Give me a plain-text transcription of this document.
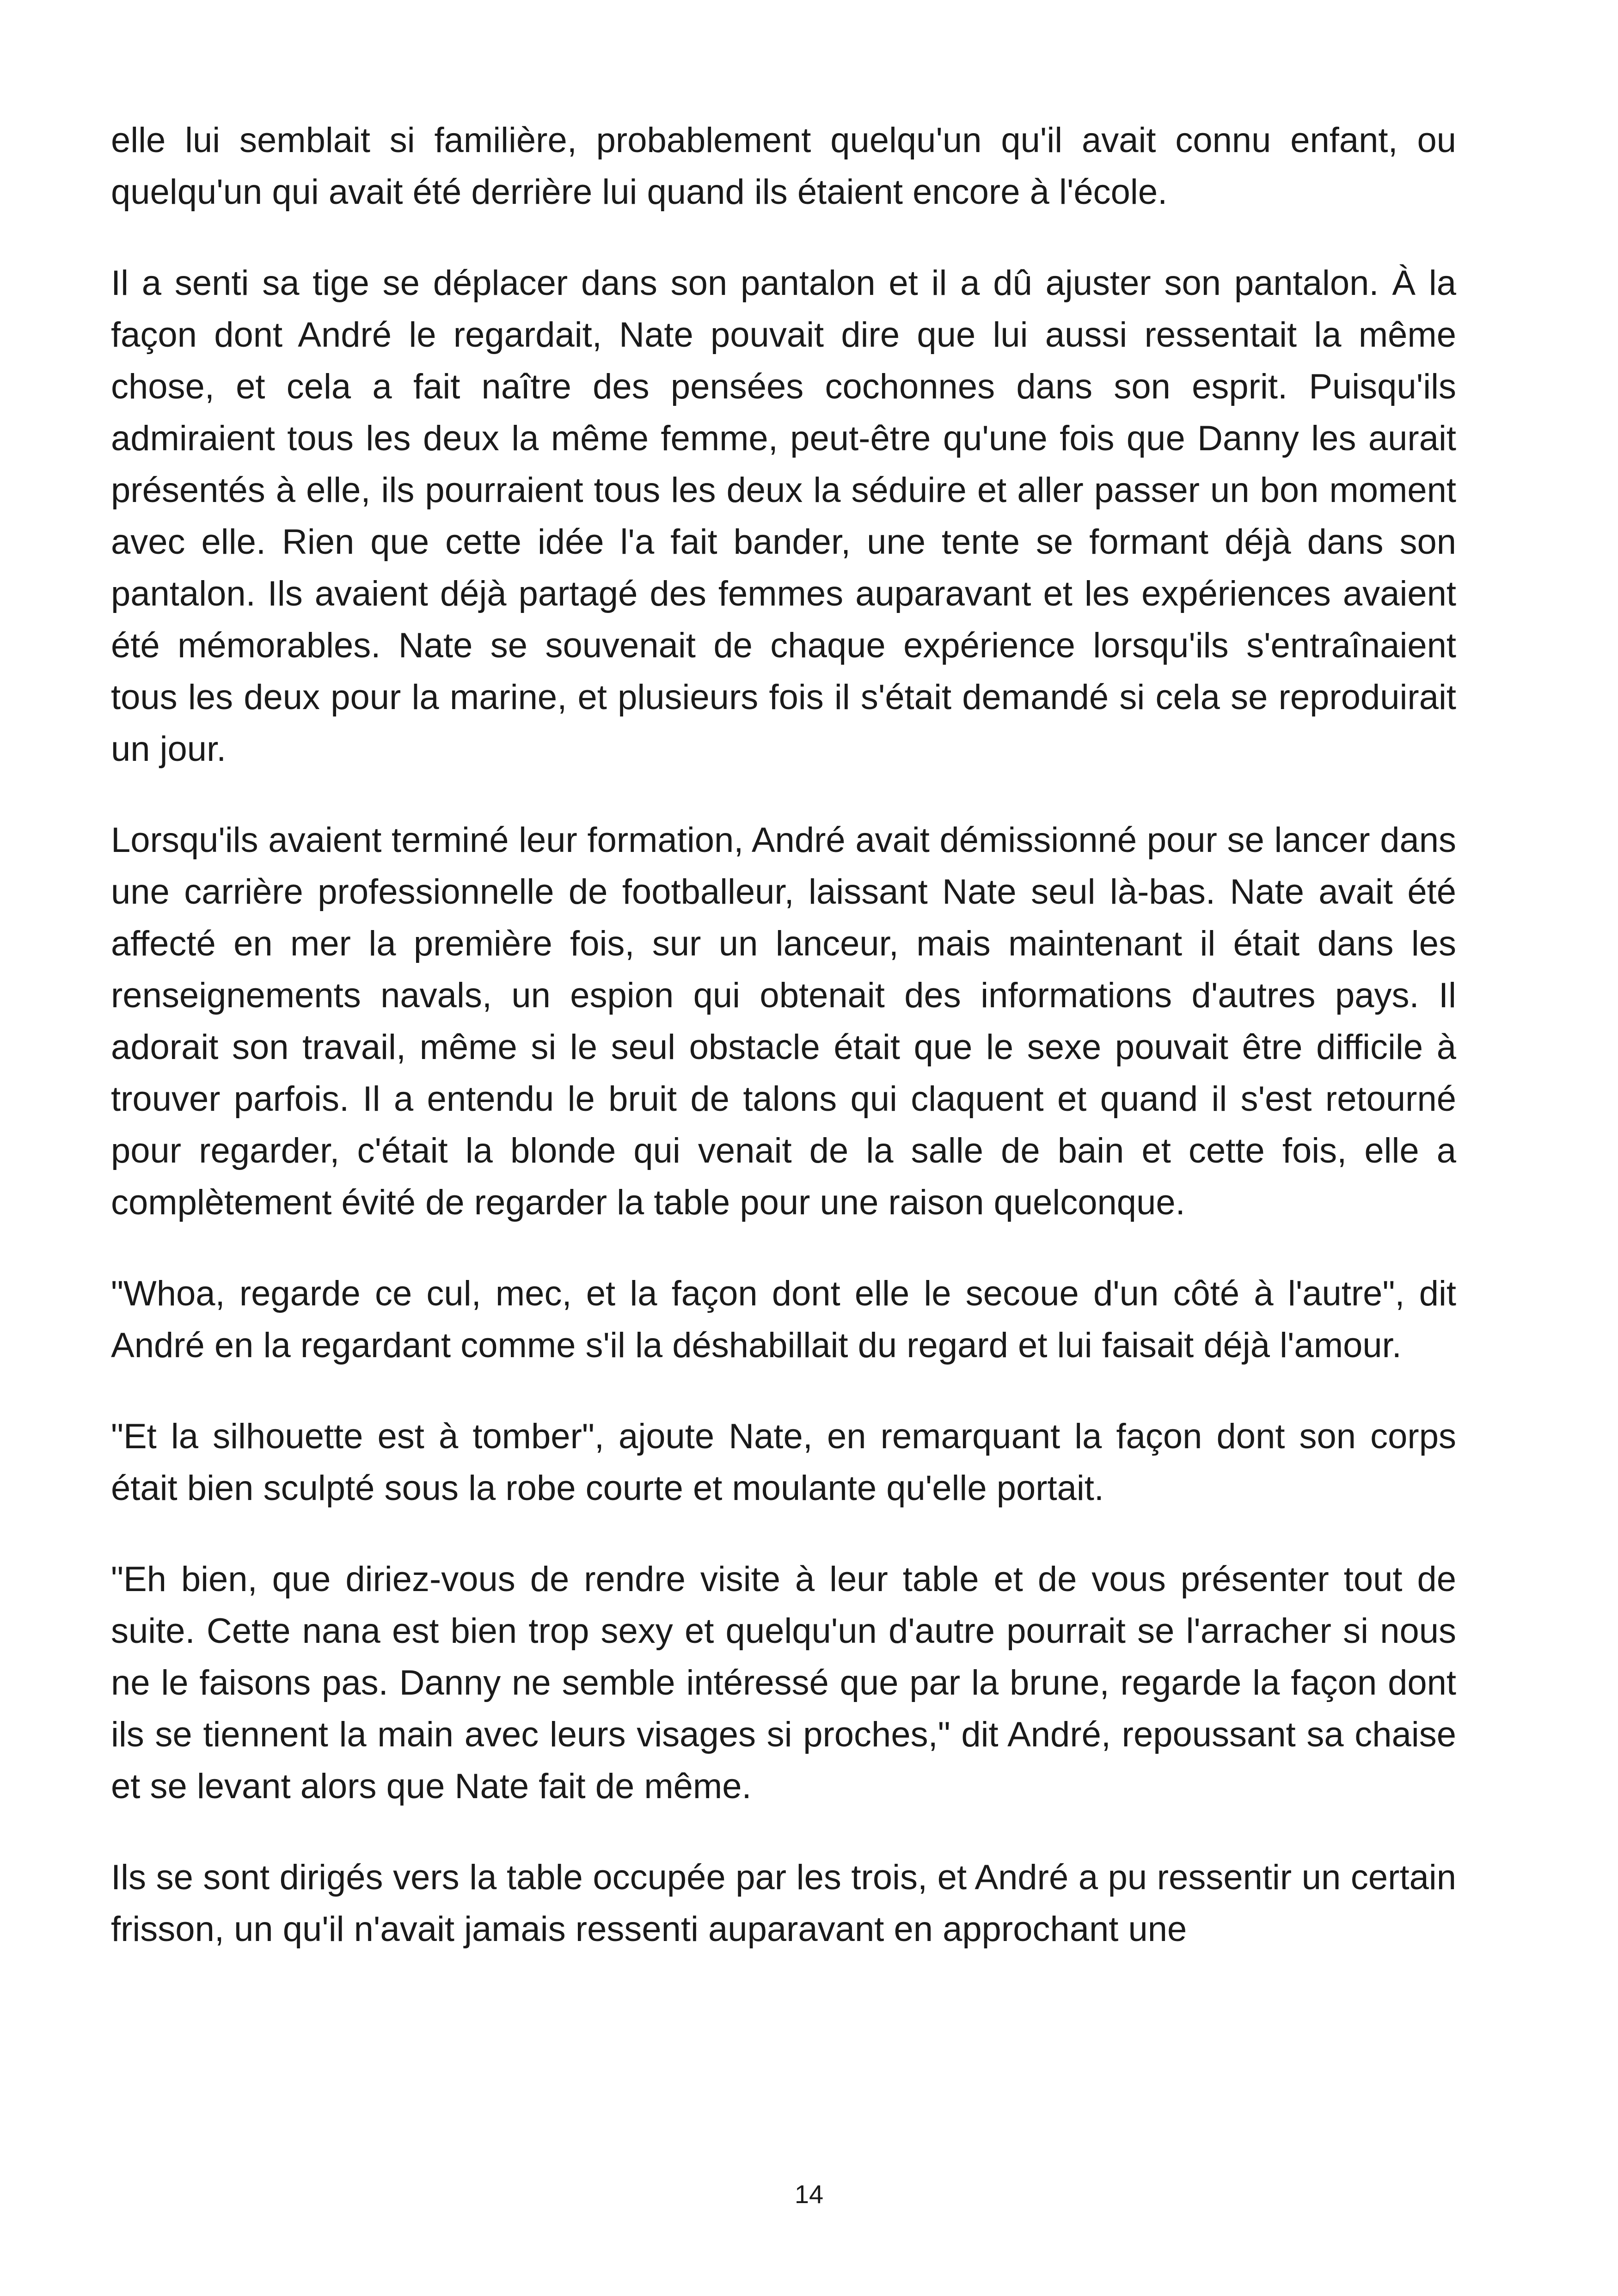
elle lui semblait si familière, probablement quelqu'un qu'il avait connu enfant, ou quelqu'un qui avait été derrière lui quand ils étaient encore à l'école.

Il a senti sa tige se déplacer dans son pantalon et il a dû ajuster son pantalon. À la façon dont André le regardait, Nate pouvait dire que lui aussi ressentait la même chose, et cela a fait naître des pensées cochonnes dans son esprit. Puisqu'ils admiraient tous les deux la même femme, peut-être qu'une fois que Danny les aurait présentés à elle, ils pourraient tous les deux la séduire et aller passer un bon moment avec elle. Rien que cette idée l'a fait bander, une tente se formant déjà dans son pantalon. Ils avaient déjà partagé des femmes auparavant et les expériences avaient été mémorables. Nate se souvenait de chaque expérience lorsqu'ils s'entraînaient tous les deux pour la marine, et plusieurs fois il s'était demandé si cela se reproduirait un jour.

Lorsqu'ils avaient terminé leur formation, André avait démissionné pour se lancer dans une carrière professionnelle de footballeur, laissant Nate seul là-bas. Nate avait été affecté en mer la première fois, sur un lanceur, mais maintenant il était dans les renseignements navals, un espion qui obtenait des informations d'autres pays. Il adorait son travail, même si le seul obstacle était que le sexe pouvait être difficile à trouver parfois. Il a entendu le bruit de talons qui claquent et quand il s'est retourné pour regarder, c'était la blonde qui venait de la salle de bain et cette fois, elle a complètement évité de regarder la table pour une raison quelconque.

"Whoa, regarde ce cul, mec, et la façon dont elle le secoue d'un côté à l'autre", dit André en la regardant comme s'il la déshabillait du regard et lui faisait déjà l'amour.

"Et la silhouette est à tomber", ajoute Nate, en remarquant la façon dont son corps était bien sculpté sous la robe courte et moulante qu'elle portait.

"Eh bien, que diriez-vous de rendre visite à leur table et de vous présenter tout de suite. Cette nana est bien trop sexy et quelqu'un d'autre pourrait se l'arracher si nous ne le faisons pas. Danny ne semble intéressé que par la brune, regarde la façon dont ils se tiennent la main avec leurs visages si proches," dit André, repoussant sa chaise et se levant alors que Nate fait de même.

Ils se sont dirigés vers la table occupée par les trois, et André a pu ressentir un certain frisson, un qu'il n'avait jamais ressenti auparavant en approchant une

14
